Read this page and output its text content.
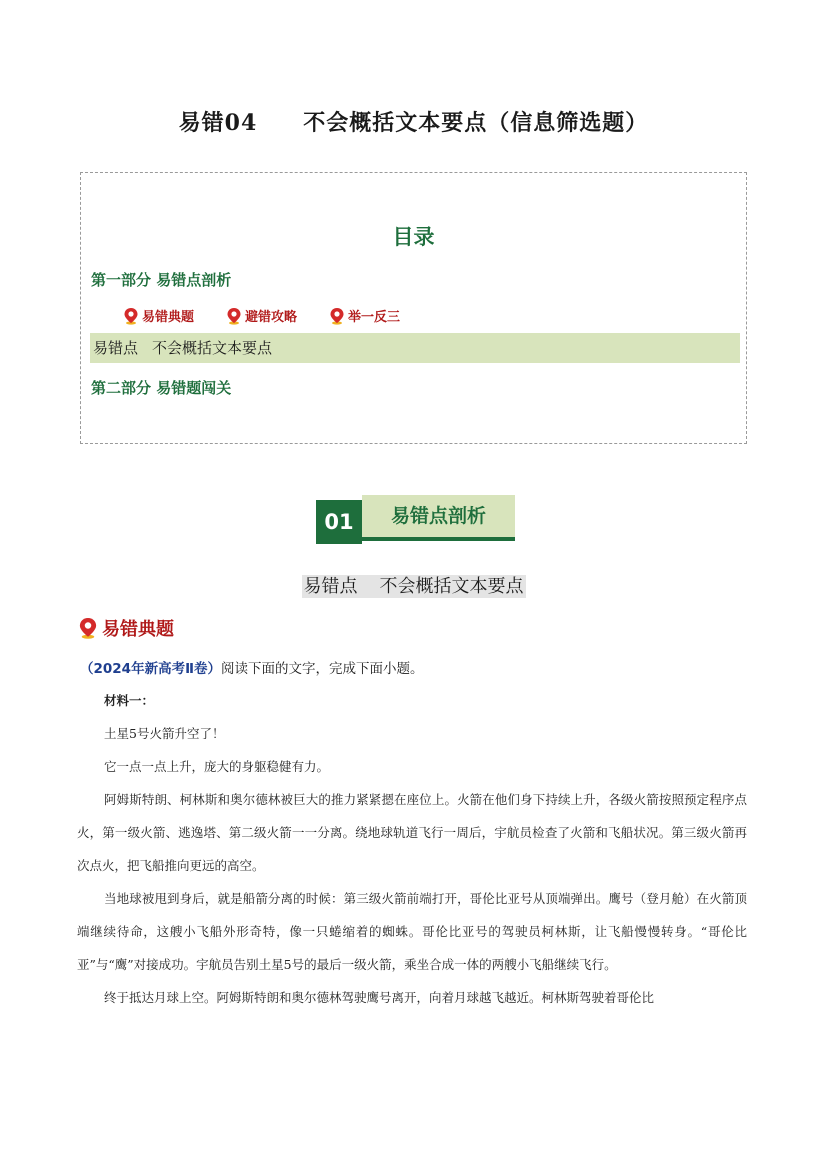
易错04 不会概括文本要点（信息筛选题）
目录
第一部分 易错点剖析
易错典题	避错攻略	举一反三
易错点 不会概括文本要点
第二部分 易错题闯关
01	易错点剖析
易错点 不会概括文本要点
易错典题
（2024年新高考Ⅱ卷）阅读下面的文字，完成下面小题。

材料一：

土星5号火箭升空了！

它一点一点上升，庞大的身躯稳健有力。

阿姆斯特朗、柯林斯和奥尔德林被巨大的推力紧紧摁在座位上。火箭在他们身下持续上升，各级火箭按照预定程序点火，第一级火箭、逃逸塔、第二级火箭一一分离。绕地球轨道飞行一周后，宇航员检查了火箭和飞船状况。第三级火箭再次点火，把飞船推向更远的高空。

当地球被甩到身后，就是船箭分离的时候：第三级火箭前端打开，哥伦比亚号从顶端弹出。鹰号（登月舱）在火箭顶端继续待命，这艘小飞船外形奇特，像一只蜷缩着的蜘蛛。哥伦比亚号的驾驶员柯林斯，让飞船慢慢转身。“哥伦比亚”与“鹰”对接成功。宇航员告别土星5号的最后一级火箭，乘坐合成一体的两艘小飞船继续飞行。

终于抵达月球上空。阿姆斯特朗和奥尔德林驾驶鹰号离开，向着月球越飞越近。柯林斯驾驶着哥伦比
